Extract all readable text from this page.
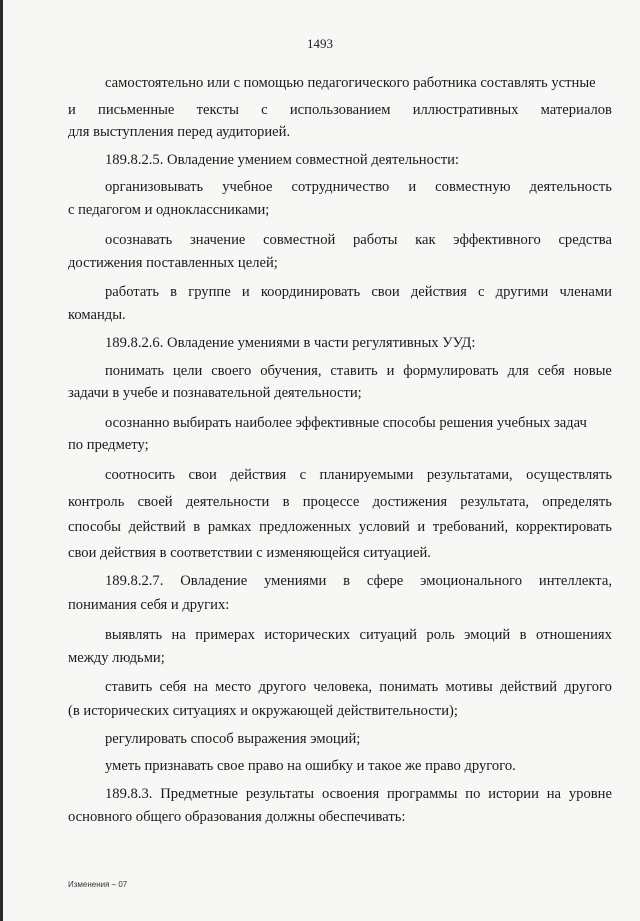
1493
самостоятельно или с помощью педагогического работника составлять устные
и письменные тексты с использованием иллюстративных материалов
для выступления перед аудиторией.
189.8.2.5. Овладение умением совместной деятельности:
организовывать учебное сотрудничество и совместную деятельность
с педагогом и одноклассниками;
осознавать значение совместной работы как эффективного средства
достижения поставленных целей;
работать в группе и координировать свои действия с другими членами
команды.
189.8.2.6. Овладение умениями в части регулятивных УУД:
понимать цели своего обучения, ставить и формулировать для себя новые
задачи в учебе и познавательной деятельности;
осознанно выбирать наиболее эффективные способы решения учебных задач
по предмету;
соотносить свои действия с планируемыми результатами, осуществлять
контроль своей деятельности в процессе достижения результата, определять
способы действий в рамках предложенных условий и требований, корректировать
свои действия в соответствии с изменяющейся ситуацией.
189.8.2.7. Овладение умениями в сфере эмоционального интеллекта,
понимания себя и других:
выявлять на примерах исторических ситуаций роль эмоций в отношениях
между людьми;
ставить себя на место другого человека, понимать мотивы действий другого
(в исторических ситуациях и окружающей действительности);
регулировать способ выражения эмоций;
уметь признавать свое право на ошибку и такое же право другого.
189.8.3. Предметные результаты освоения программы по истории на уровне
основного общего образования должны обеспечивать:
Изменения – 07
